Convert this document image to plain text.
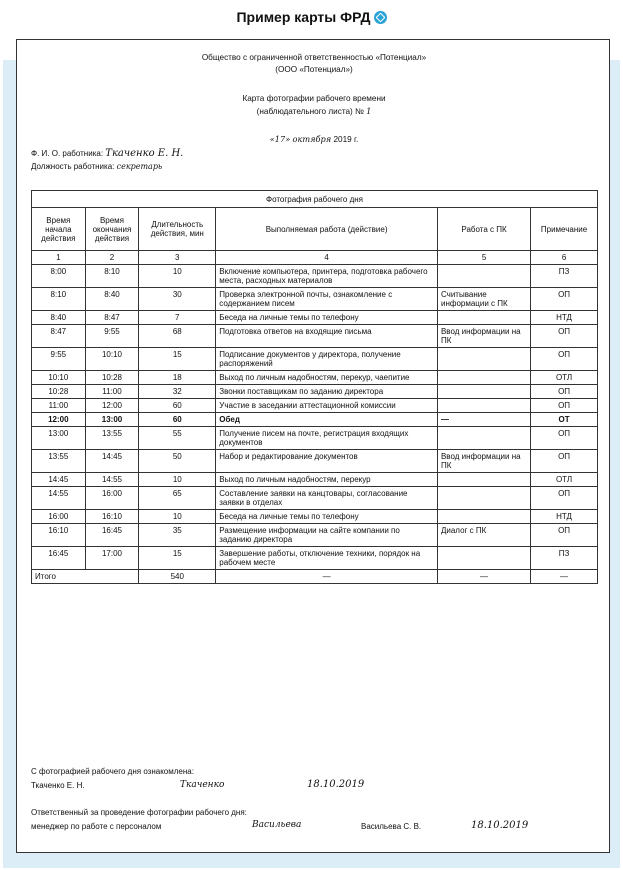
Пример карты ФРД
Общество с ограниченной ответственностью «Потенциал»
(ООО «Потенциал»)
Карта фотографии рабочего времени
(наблюдательного листа) № 1
«17» октября 2019 г.
Ф. И. О. работника: Ткаченко Е. Н.
Должность работника: секретарь
Фотография рабочего дня					
Время начала действия	Время окончания действия	Длительность действия, мин	Выполняемая работа (действие)	Работа с ПК	Примечание
1	2	3	4	5	6
8:00	8:10	10	Включение компьютера, принтера, подготовка рабочего места, расходных материалов		ПЗ
8:10	8:40	30	Проверка электронной почты, ознакомление с содержанием писем	Считывание информации с ПК	ОП
8:40	8:47	7	Беседа на личные темы по телефону		НТД
8:47	9:55	68	Подготовка ответов на входящие письма	Ввод информации на ПК	ОП
9:55	10:10	15	Подписание документов у директора, получение распоряжений		ОП
10:10	10:28	18	Выход по личным надобностям, перекур, чаепитие		ОТЛ
10:28	11:00	32	Звонки поставщикам по заданию директора		ОП
11:00	12:00	60	Участие в заседании аттестационной комиссии		ОП
12:00	13:00	60	Обед	—	ОТ
13:00	13:55	55	Получение писем на почте, регистрация входящих документов		ОП
13:55	14:45	50	Набор и редактирование документов	Ввод информации на ПК	ОП
14:45	14:55	10	Выход по личным надобностям, перекур		ОТЛ
14:55	16:00	65	Составление заявки на канцтовары, согласование заявки в отделах		ОП
16:00	16:10	10	Беседа на личные темы по телефону		НТД
16:10	16:45	35	Размещение информации на сайте компании по заданию директора	Диалог с ПК	ОП
16:45	17:00	15	Завершение работы, отключение техники, порядок на рабочем месте		ПЗ
Итого		540	—	—	—
С фотографией рабочего дня ознакомлена:
Ткаченко Е. Н.	Ткаченко	18.10.2019
Ответственный за проведение фотографии рабочего дня:
менеджер по работе с персоналом	Васильева	Васильева С. В.	18.10.2019
